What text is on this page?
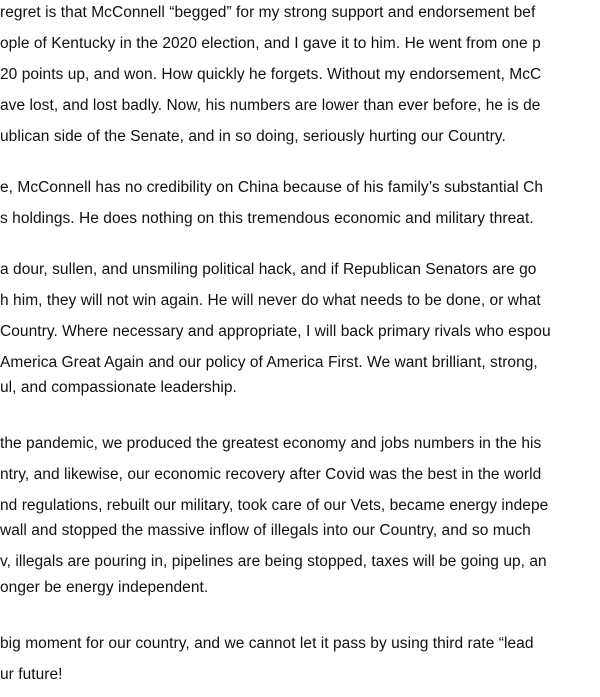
regret is that McConnell “begged” for my strong support and endorsement bef
ople of Kentucky in the 2020 election, and I gave it to him. He went from one p
20 points up, and won. How quickly he forgets. Without my endorsement, McC
ave lost, and lost badly. Now, his numbers are lower than ever before, he is de
ublican side of the Senate, and in so doing, seriously hurting our Country.
e, McConnell has no credibility on China because of his family’s substantial Ch
s holdings. He does nothing on this tremendous economic and military threat.
a dour, sullen, and unsmiling political hack, and if Republican Senators are go
h him, they will not win again. He will never do what needs to be done, or what
Country. Where necessary and appropriate, I will back primary rivals who espou
America Great Again and our policy of America First. We want brilliant, strong,
ul, and compassionate leadership.
the pandemic, we produced the greatest economy and jobs numbers in the his
ntry, and likewise, our economic recovery after Covid was the best in the world
nd regulations, rebuilt our military, took care of our Vets, became energy indepe
wall and stopped the massive inflow of illegals into our Country, and so much
v, illegals are pouring in, pipelines are being stopped, taxes will be going up, an
onger be energy independent.
big moment for our country, and we cannot let it pass by using third rate “lead
ur future!
